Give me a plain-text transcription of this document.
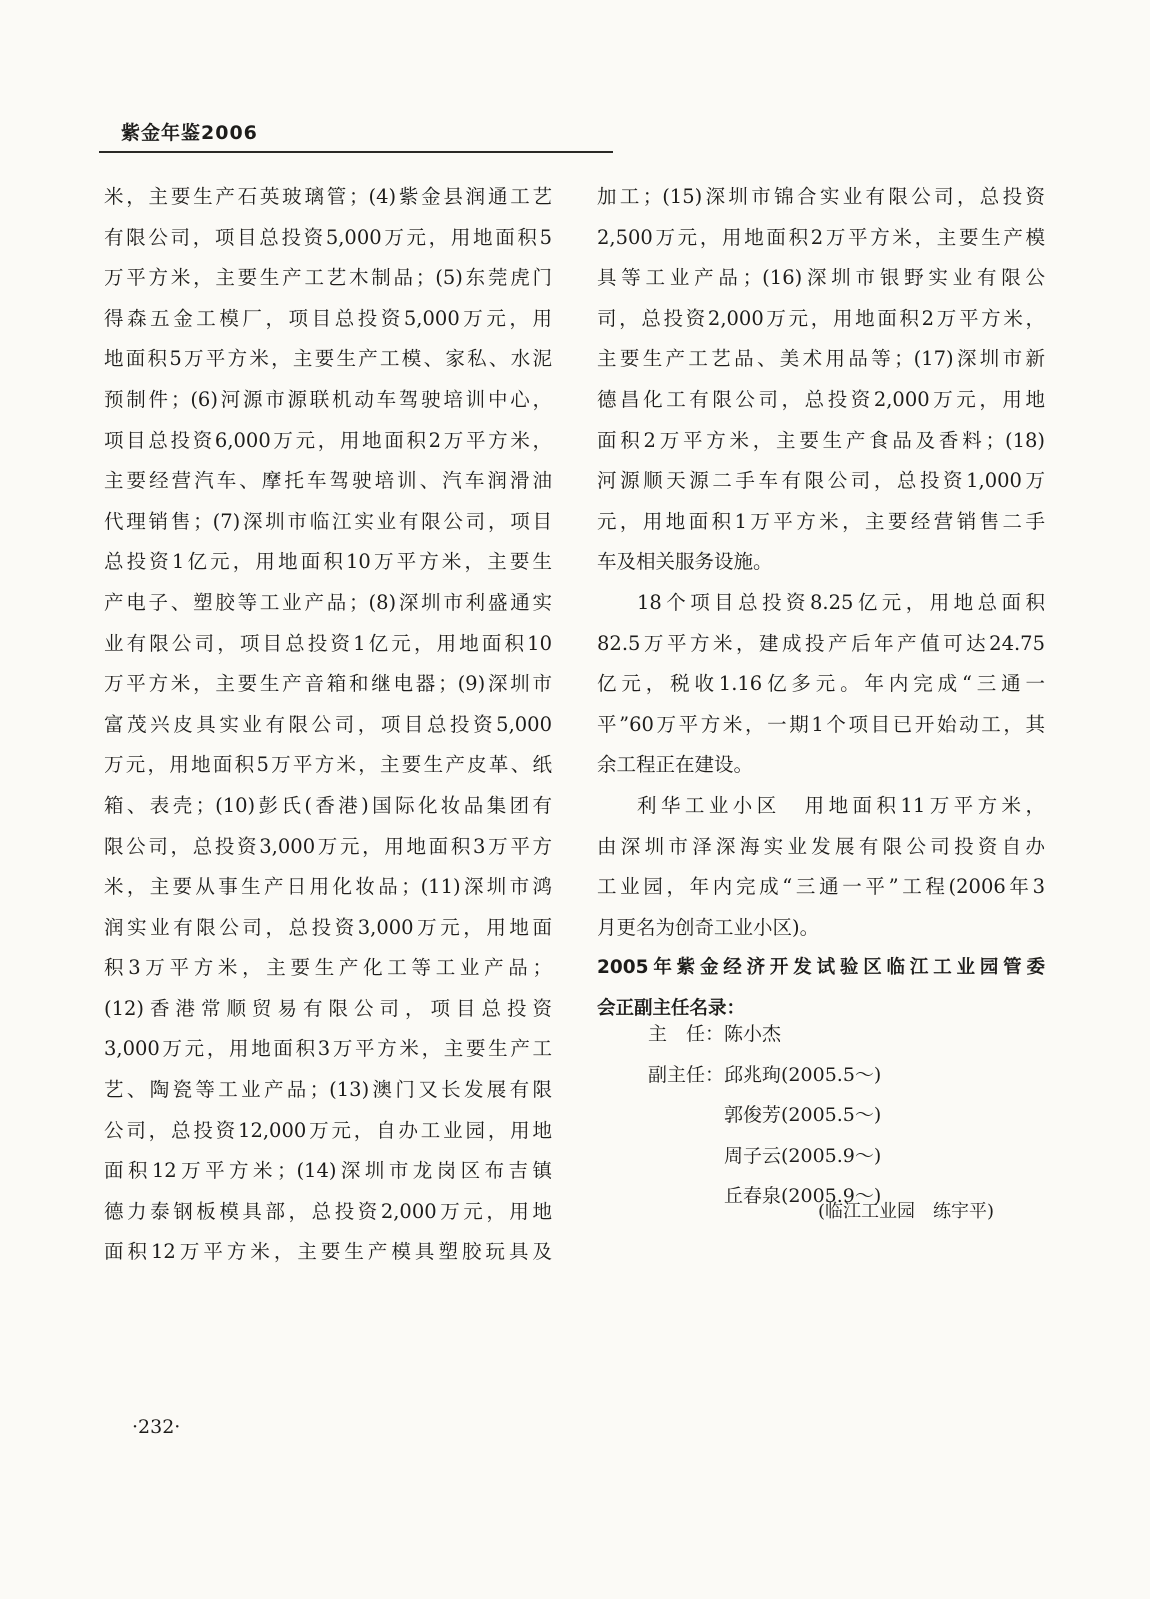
紫金年鉴2006
米，主要生产石英玻璃管；(4)紫金县润通工艺
有限公司，项目总投资5,000万元，用地面积5
万平方米，主要生产工艺木制品；(5)东莞虎门
得森五金工模厂，项目总投资5,000万元，用
地面积5万平方米，主要生产工模、家私、水泥
预制件；(6)河源市源联机动车驾驶培训中心，
项目总投资6,000万元，用地面积2万平方米，
主要经营汽车、摩托车驾驶培训、汽车润滑油
代理销售；(7)深圳市临江实业有限公司，项目
总投资1亿元，用地面积10万平方米，主要生
产电子、塑胶等工业产品；(8)深圳市利盛通实
业有限公司，项目总投资1亿元，用地面积10
万平方米，主要生产音箱和继电器；(9)深圳市
富茂兴皮具实业有限公司，项目总投资5,000
万元，用地面积5万平方米，主要生产皮革、纸
箱、表壳；(10)彭氏(香港)国际化妆品集团有
限公司，总投资3,000万元，用地面积3万平方
米，主要从事生产日用化妆品；(11)深圳市鸿
润实业有限公司，总投资3,000万元，用地面
积3万平方米，主要生产化工等工业产品；
(12)香港常顺贸易有限公司，项目总投资
3,000万元，用地面积3万平方米，主要生产工
艺、陶瓷等工业产品；(13)澳门又长发展有限
公司，总投资12,000万元，自办工业园，用地
面积12万平方米；(14)深圳市龙岗区布吉镇
德力泰钢板模具部，总投资2,000万元，用地
面积12万平方米，主要生产模具塑胶玩具及
加工；(15)深圳市锦合实业有限公司，总投资
2,500万元，用地面积2万平方米，主要生产模
具等工业产品；(16)深圳市银野实业有限公
司，总投资2,000万元，用地面积2万平方米，
主要生产工艺品、美术用品等；(17)深圳市新
德昌化工有限公司，总投资2,000万元，用地
面积2万平方米，主要生产食品及香料；(18)
河源顺天源二手车有限公司，总投资1,000万
元，用地面积1万平方米，主要经营销售二手
车及相关服务设施。
18个项目总投资8.25亿元，用地总面积
82.5万平方米，建成投产后年产值可达24.75
亿元，税收1.16亿多元。年内完成“三通一
平”60万平方米，一期1个项目已开始动工，其
余工程正在建设。
利华工业小区　用地面积11万平方米，
由深圳市泽深海实业发展有限公司投资自办
工业园，年内完成“三通一平”工程(2006年3
月更名为创奇工业小区)。
2005年紫金经济开发试验区临江工业园管委
会正副主任名录：
主　任：陈小杰
副主任：邱兆珣(2005.5～)
郭俊芳(2005.5～)
周子云(2005.9～)
丘春泉(2005.9～)
(临江工业园　练宇平)
·232·
